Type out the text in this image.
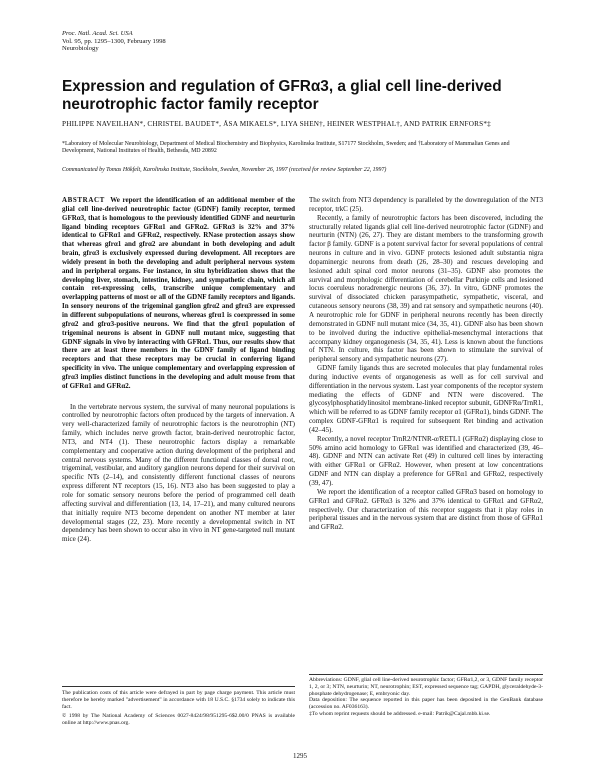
Proc. Natl. Acad. Sci. USA
Vol. 95, pp. 1295–1300, February 1998
Neurobiology
Expression and regulation of GFRα3, a glial cell line-derived neurotrophic factor family receptor
PHILIPPE NAVEILHAN*, CHRISTEL BAUDET*, ÅSA MIKAELS*, LIYA SHEN†, HEINER WESTPHAL†, AND PATRIK ERNFORS*‡
*Laboratory of Molecular Neurobiology, Department of Medical Biochemistry and Biophysics, Karolinska Institute, S17177 Stockholm, Sweden; and †Laboratory of Mammalian Genes and Development, National Institutes of Health, Bethesda, MD 20892
Communicated by Tomas Hökfelt, Karolinska Institute, Stockholm, Sweden, November 26, 1997 (received for review September 22, 1997)
ABSTRACT We report the identification of an additional member of the glial cell line-derived neurotrophic factor (GDNF) family receptor, termed GFRα3, that is homologous to the previously identified GDNF and neurturin ligand binding receptors GFRα1 and GFRα2. GFRα3 is 32% and 37% identical to GFRα1 and GFRα2, respectively. RNase protection assays show that whereas gfrα1 and gfrα2 are abundant in both developing and adult brain, gfrα3 is exclusively expressed during development. All receptors are widely present in both the developing and adult peripheral nervous system and in peripheral organs. For instance, in situ hybridization shows that the developing liver, stomach, intestine, kidney, and sympathetic chain, which all contain ret-expressing cells, transcribe unique complementary and overlapping patterns of most or all of the GDNF family receptors and ligands. In sensory neurons of the trigeminal ganglion gfrα2 and gfrα3 are expressed in different subpopulations of neurons, whereas gfrα1 is coexpressed in some gfrα2 and gfrα3-positive neurons. We find that the gfrα1 population of trigeminal neurons is absent in GDNF null mutant mice, suggesting that GDNF signals in vivo by interacting with GFRα1. Thus, our results show that there are at least three members in the GDNF family of ligand binding receptors and that these receptors may be crucial in conferring ligand specificity in vivo. The unique complementary and overlapping expression of gfrα3 implies distinct functions in the developing and adult mouse from that of GFRα1 and GFRα2.

In the vertebrate nervous system, the survival of many neuronal populations is controlled by neurotrophic factors often produced by the targets of innervation. A very well-characterized family of neurotrophic factors is the neurotrophin (NT) family, which includes nerve growth factor, brain-derived neurotrophic factor, NT3, and NT4 (1). These neurotrophic factors display a remarkable complementary and cooperative action during development of the peripheral and central nervous systems. Many of the different functional classes of dorsal root, trigeminal, vestibular, and auditory ganglion neurons depend for their survival on specific NTs (2–14), and consistently different functional classes of neurons express different NT receptors (15, 16). NT3 also has been suggested to play a role for somatic sensory neurons before the period of programmed cell death affecting survival and differentiation (13, 14, 17–21), and many cultured neurons that initially require NT3 become dependent on another NT member at later developmental stages (22, 23). More recently a developmental switch in NT dependency has been shown to occur also in vivo in NT gene-targeted null mutant mice (24).

The publication costs of this article were defrayed in part by page charge payment. This article must therefore be hereby marked "advertisement" in accordance with 18 U.S.C. §1734 solely to indicate this fact.

© 1998 by The National Academy of Sciences 0027-8424/98/951295-6$2.00/0 PNAS is available online at http://www.pnas.org.

The switch from NT3 dependency is paralleled by the downregulation of the NT3 receptor, trkC (25).

Recently, a family of neurotrophic factors has been discovered, including the structurally related ligands glial cell line-derived neurotrophic factor (GDNF) and neurturin (NTN) (26, 27). They are distant members to the transforming growth factor β family. GDNF is a potent survival factor for several populations of central neurons in culture and in vivo. GDNF protects lesioned adult substantia nigra dopaminergic neurons from death (26, 28–30) and rescues developing and lesioned adult spinal cord motor neurons (31–35). GDNF also promotes the survival and morphologic differentiation of cerebellar Purkinje cells and lesioned locus coeruleus noradrenergic neurons (36, 37). In vitro, GDNF promotes the survival of dissociated chicken parasympathetic, sympathetic, visceral, and cutaneous sensory neurons (38, 39) and rat sensory and sympathetic neurons (40). A neurotrophic role for GDNF in peripheral neurons recently has been directly demonstrated in GDNF null mutant mice (34, 35, 41). GDNF also has been shown to be involved during the inductive epithelial-mesenchymal interactions that accompany kidney organogenesis (34, 35, 41). Less is known about the functions of NTN. In culture, this factor has been shown to stimulate the survival of peripheral sensory and sympathetic neurons (27).

GDNF family ligands thus are secreted molecules that play fundamental roles during inductive events of organogenesis as well as for cell survival and differentiation in the nervous system. Last year components of the receptor system mediating the effects of GDNF and NTN were discovered. The glycosylphosphatidylinositol membrane-linked receptor subunit, GDNFRα/TrnR1, which will be referred to as GDNF family receptor α1 (GFRα1), binds GDNF. The complex GDNF-GFRα1 is required for subsequent Ret binding and activation (42–45).

Recently, a novel receptor TrnR2/NTNR-α/RETL1 (GFRα2) displaying close to 50% amino acid homology to GFRα1 was identified and characterized (39, 46–48). GDNF and NTN can activate Ret (49) in cultured cell lines by interacting with either GFRα1 or GFRα2. However, when present at low concentrations GDNF and NTN can display a preference for GFRα1 and GFRα2, respectively (39, 47).

We report the identification of a receptor called GFRα3 based on homology to GFRα1 and GFRα2. GFRα3 is 32% and 37% identical to GFRα1 and GFRα2, respectively. Our characterization of this receptor suggests that it play roles in peripheral tissues and in the nervous system that are distinct from those of GFRα1 and GFRα2.

Abbreviations: GDNF, glial cell line-derived neurotrophic factor; GFRα1,2, or 3, GDNF family receptor 1, 2, or 3; NTN, neurturin; NT, neurotrophin; EST, expressed sequence tag; GAPDH, glyceraldehyde-3-phosphate dehydrogenase; E, embryonic day.

Data deposition: The sequence reported in this paper has been deposited in the GenBank database (accession no. AF036163).

‡To whom reprint requests should be addressed. e-mail: Patrik@Cajal.mbb.ki.se.

1295
